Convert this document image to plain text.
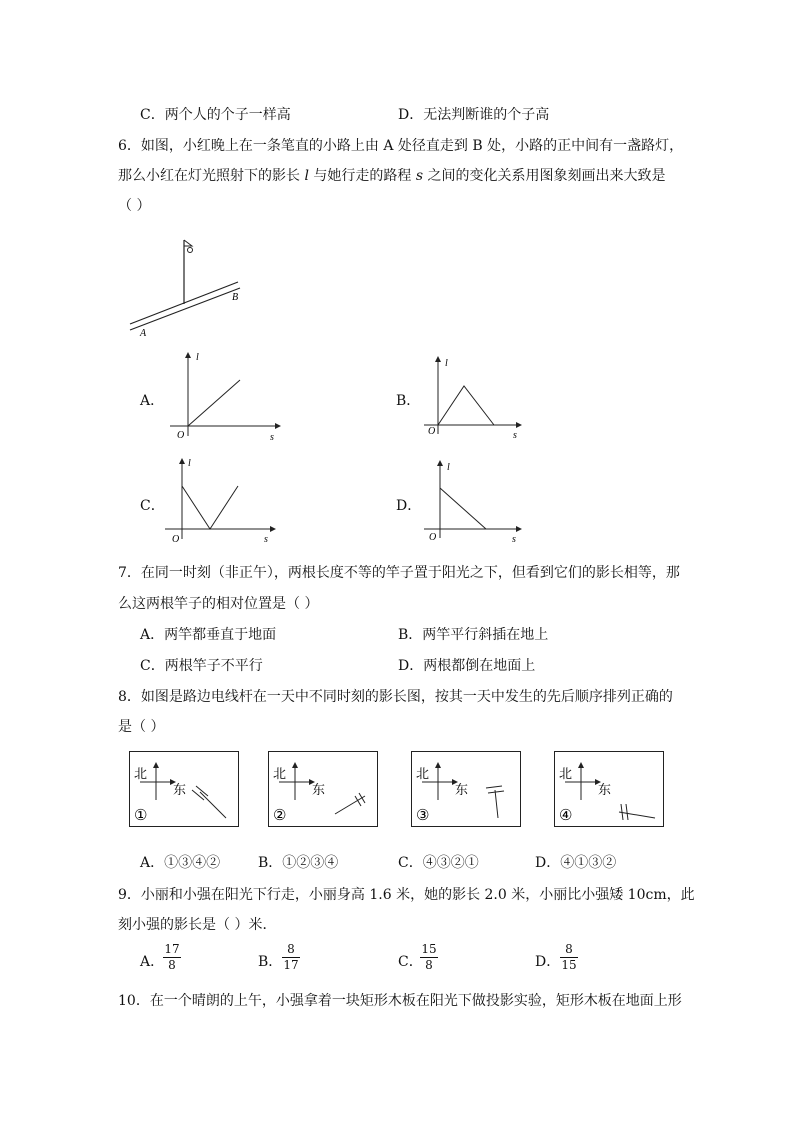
C．两个人的个子一样高	D．无法判断谁的个子高
6．如图，小红晚上在一条笔直的小路上由 A 处径直走到 B 处，小路的正中间有一盏路灯，
那么小红在灯光照射下的影长 l 与她行走的路程 s 之间的变化关系用图象刻画出来大致是
（ ）
A
B
A．
l
s
O
B．
l
s
O
C．
l
s
O
D．
l
s
O
7．在同一时刻（非正午），两根长度不等的竿子置于阳光之下，但看到它们的影长相等，那
么这两根竿子的相对位置是（ ）
A．两竿都垂直于地面	B．两竿平行斜插在地上
C．两根竿子不平行	D．两根都倒在地面上
8．如图是路边电线杆在一天中不同时刻的影长图，按其一天中发生的先后顺序排列正确的
是（ ）
北
东
①
北
东
②
北
东
③
北
东
④
A．①③④②	B．①②③④	C．④③②①	D．④①③②
9．小丽和小强在阳光下行走，小丽身高 1.6 米，她的影长 2.0 米，小丽比小强矮 10cm，此
刻小强的影长是（ ）米．
A．
17
8	B．
8
17	C．
15
8	D．
8
15
10．在一个晴朗的上午，小强拿着一块矩形木板在阳光下做投影实验，矩形木板在地面上形
